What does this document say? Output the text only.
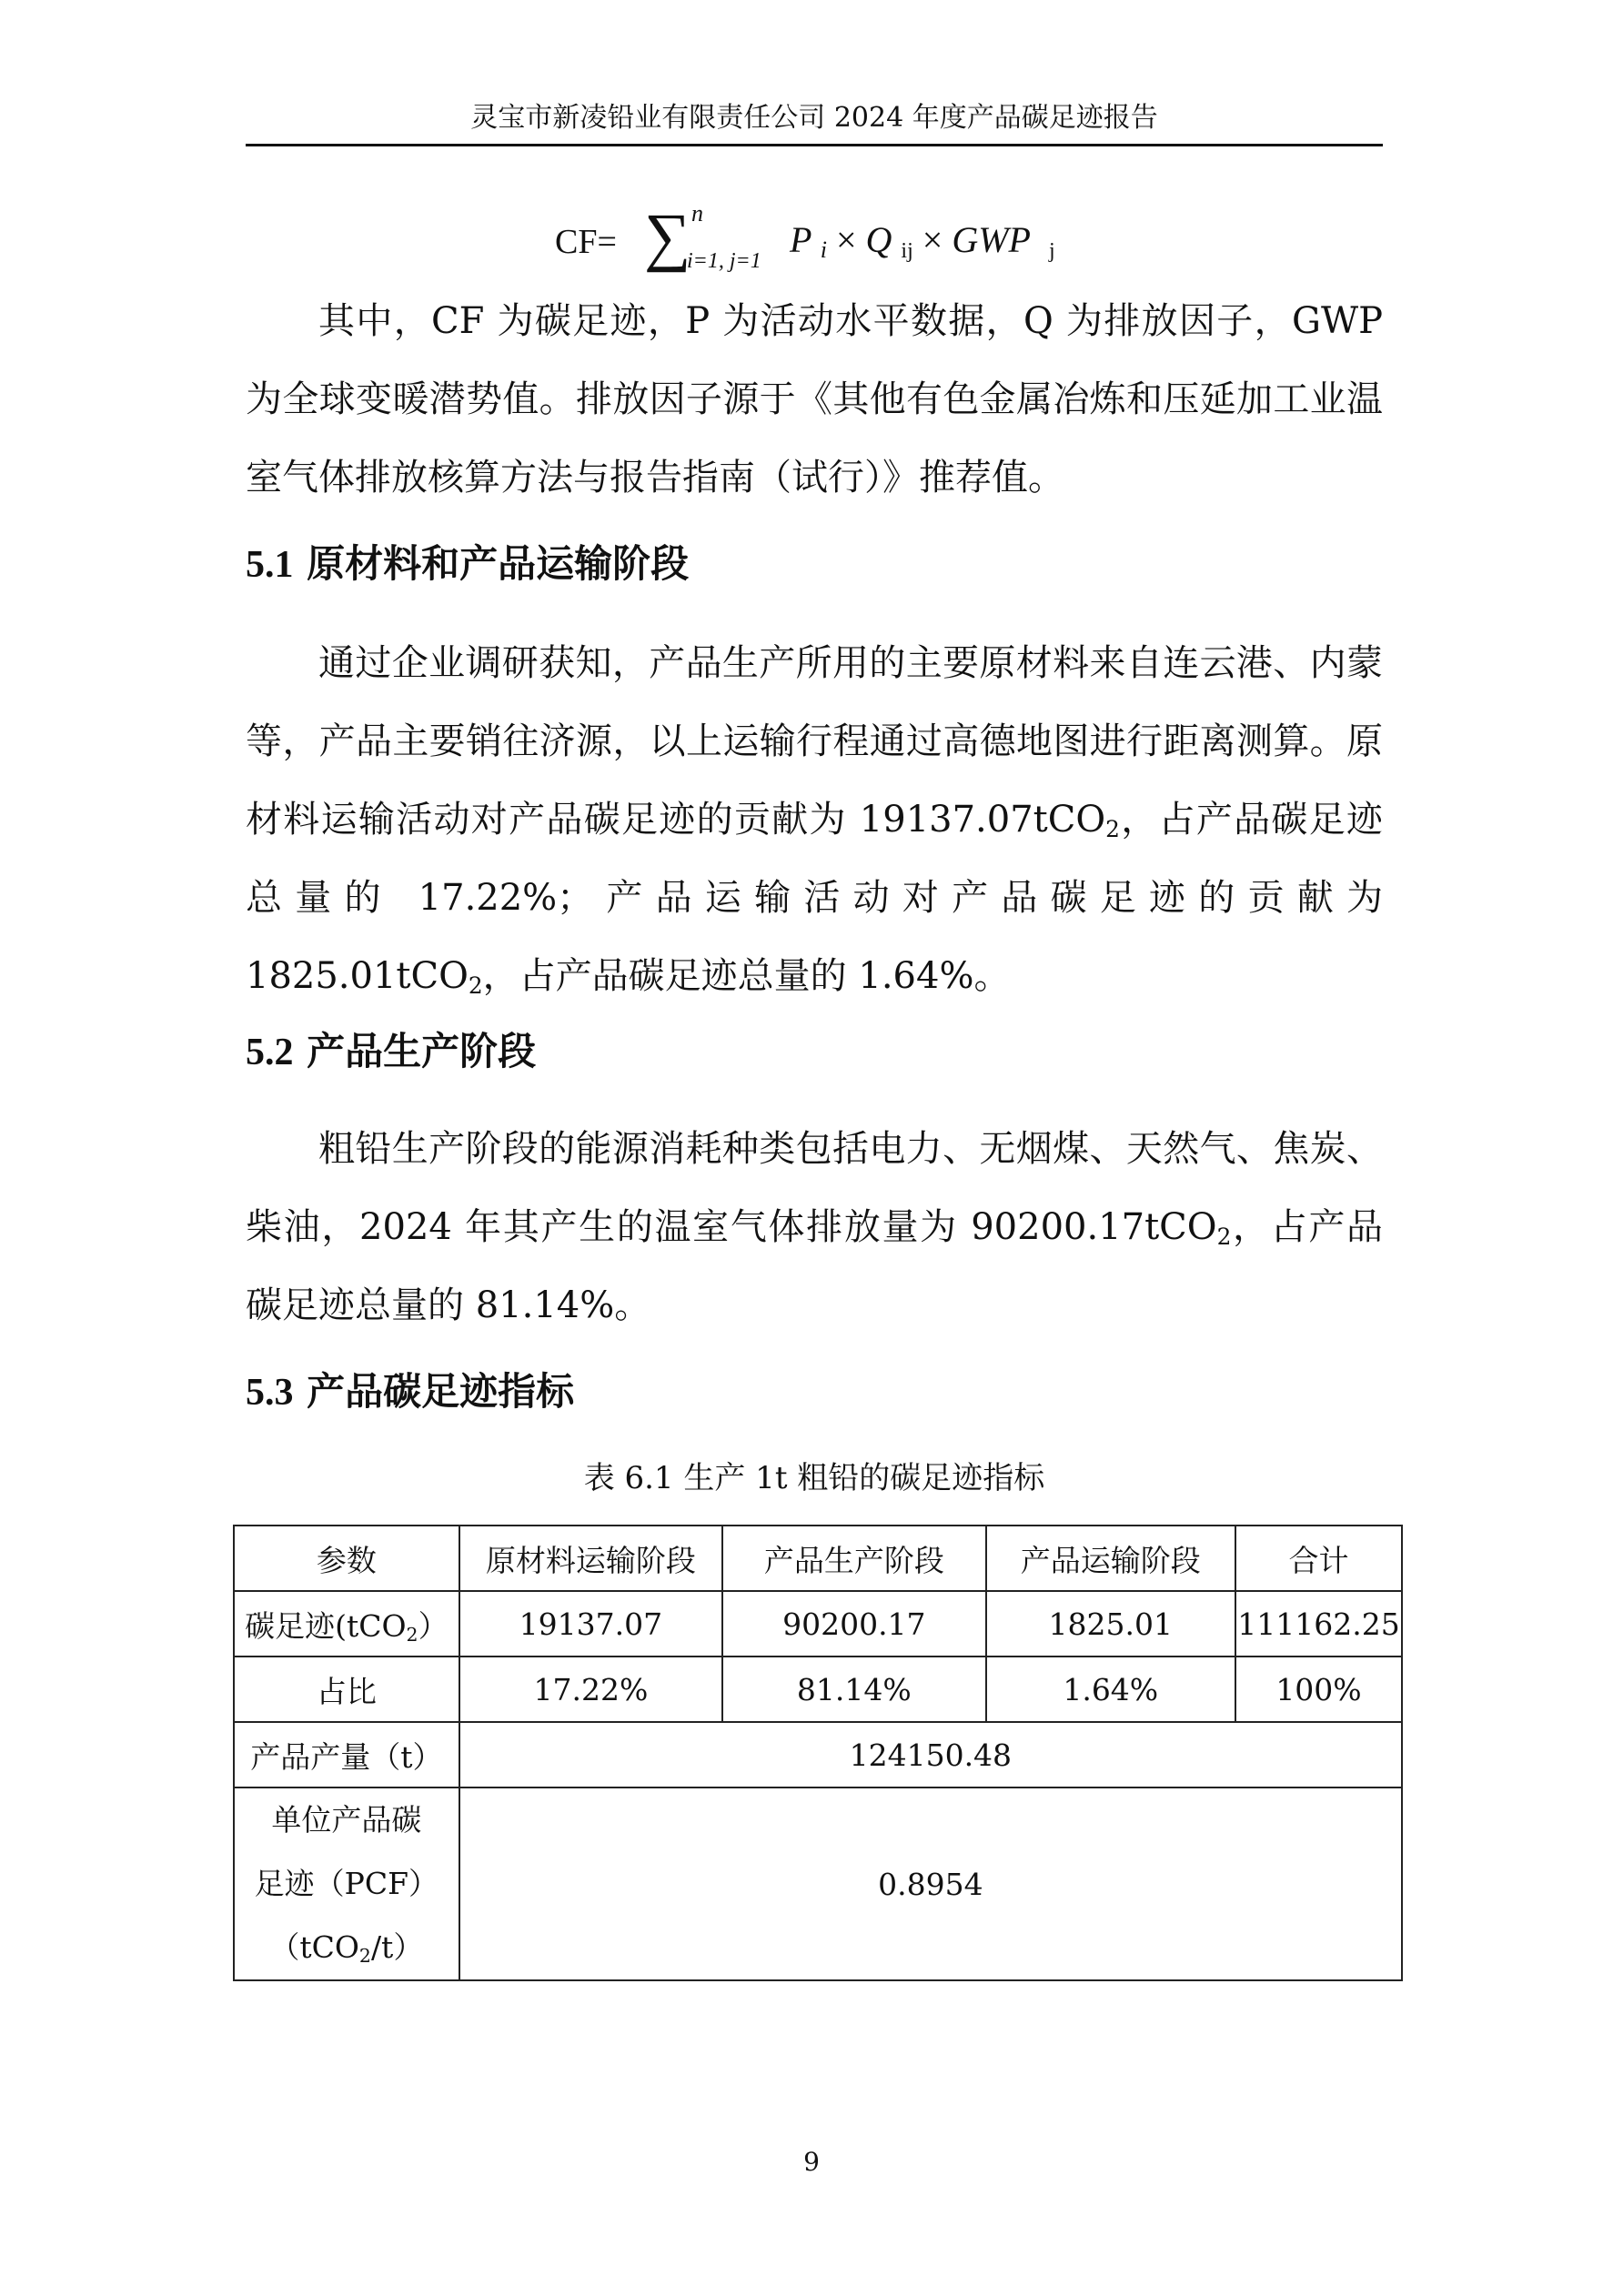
灵宝市新凌铅业有限责任公司 2024 年度产品碳足迹报告
CF= ∑ n
i=1, j=1
P i × Q ij × GWP j

其中，CF 为碳足迹，P 为活动水平数据，Q 为排放因子，GWP 为全球变暖潜势值。排放因子源于《其他有色金属冶炼和压延加工业温室气体排放核算方法与报告指南（试行）》推荐值。

5.1 原材料和产品运输阶段

通过企业调研获知，产品生产所用的主要原材料来自连云港、内蒙等，产品主要销往济源，以上运输行程通过高德地图进行距离测算。原材料运输活动对产品碳足迹的贡献为 19137.07tCO$_2$，占产品碳足迹总量的 17.22%；产品运输活动对产品碳足迹的贡献为 1825.01tCO$_2$，占产品碳足迹总量的 1.64%。

5.2 产品生产阶段

粗铅生产阶段的能源消耗种类包括电力、无烟煤、天然气、焦炭、柴油，2024 年其产生的温室气体排放量为 90200.17tCO$_2$，占产品碳足迹总量的 81.14%。

5.3 产品碳足迹指标
表 6.1 生产 1t 粗铅的碳足迹指标
参数	原材料运输阶段	产品生产阶段	产品运输阶段	合计
碳足迹(tCO$_2$）	19137.07	90200.17	1825.01	111162.25
占比	17.22%	81.14%	1.64%	100%
产品产量（t）	124150.48			

单位产品碳
足迹（PCF）
（tCO$_2$/t）	0.8954			
9
